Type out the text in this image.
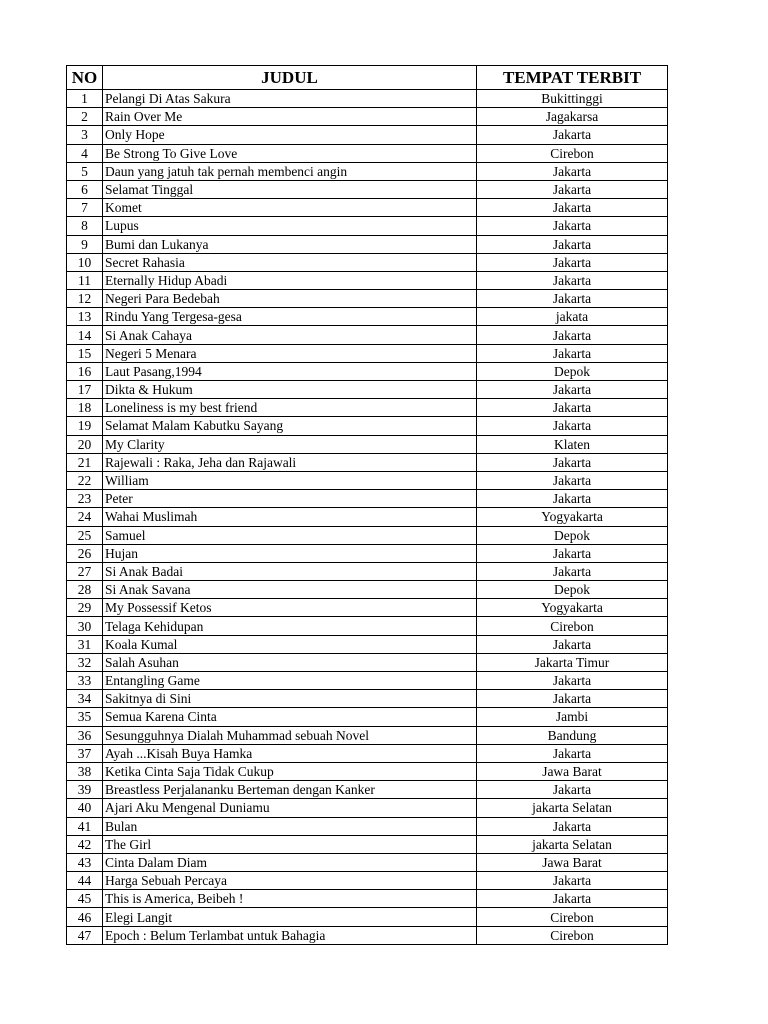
NO	JUDUL	TEMPAT TERBIT
1	Pelangi Di Atas Sakura	Bukittinggi
2	Rain Over Me	Jagakarsa
3	Only Hope	Jakarta
4	Be Strong To Give Love	Cirebon
5	Daun yang jatuh tak pernah membenci angin	Jakarta
6	Selamat Tinggal	Jakarta
7	Komet	Jakarta
8	Lupus	Jakarta
9	Bumi dan Lukanya	Jakarta
10	Secret Rahasia	Jakarta
11	Eternally Hidup Abadi	Jakarta
12	Negeri Para Bedebah	Jakarta
13	Rindu Yang Tergesa-gesa	jakata
14	Si Anak Cahaya	Jakarta
15	Negeri 5 Menara	Jakarta
16	Laut Pasang,1994	Depok
17	Dikta & Hukum	Jakarta
18	Loneliness is my best friend	Jakarta
19	Selamat Malam Kabutku Sayang	Jakarta
20	My Clarity	Klaten
21	Rajewali : Raka, Jeha dan Rajawali	Jakarta
22	William	Jakarta
23	Peter	Jakarta
24	Wahai Muslimah	Yogyakarta
25	Samuel	Depok
26	Hujan	Jakarta
27	Si Anak Badai	Jakarta
28	Si Anak Savana	Depok
29	My Possessif Ketos	Yogyakarta
30	Telaga Kehidupan	Cirebon
31	Koala Kumal	Jakarta
32	Salah Asuhan	Jakarta Timur
33	Entangling Game	Jakarta
34	Sakitnya di Sini	Jakarta
35	Semua Karena Cinta	Jambi
36	Sesungguhnya Dialah Muhammad sebuah Novel	Bandung
37	Ayah ...Kisah Buya Hamka	Jakarta
38	Ketika Cinta Saja Tidak Cukup	Jawa Barat
39	Breastless Perjalananku Berteman dengan Kanker	Jakarta
40	Ajari Aku Mengenal Duniamu	jakarta Selatan
41	Bulan	Jakarta
42	The Girl	jakarta Selatan
43	Cinta Dalam Diam	Jawa Barat
44	Harga Sebuah Percaya	Jakarta
45	This is America, Beibeh !	Jakarta
46	Elegi Langit	Cirebon
47	Epoch : Belum Terlambat untuk Bahagia	Cirebon
